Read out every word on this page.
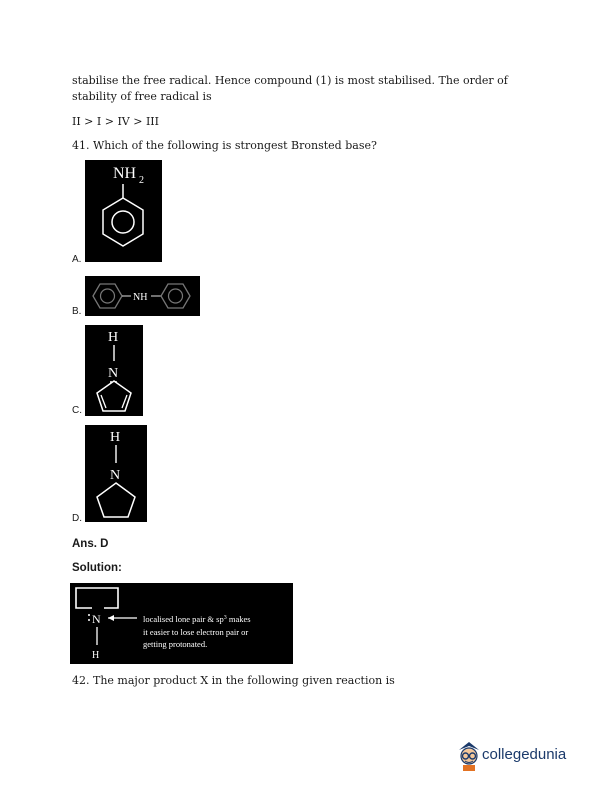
stabilise the free radical. Hence compound (1) is most stabilised. The order of
stability of free radical is
II > I > IV > III
41. Which of the following is strongest Bronsted base?
NH 2
A.
NH
B.
H
N
C.
H
N
D.
Ans. D
Solution:
N
H
localised lone pair & $sp^3$ makes
it easier to lose electron pair or
getting protonated.
42. The major product X in the following given reaction is
collegedunia
